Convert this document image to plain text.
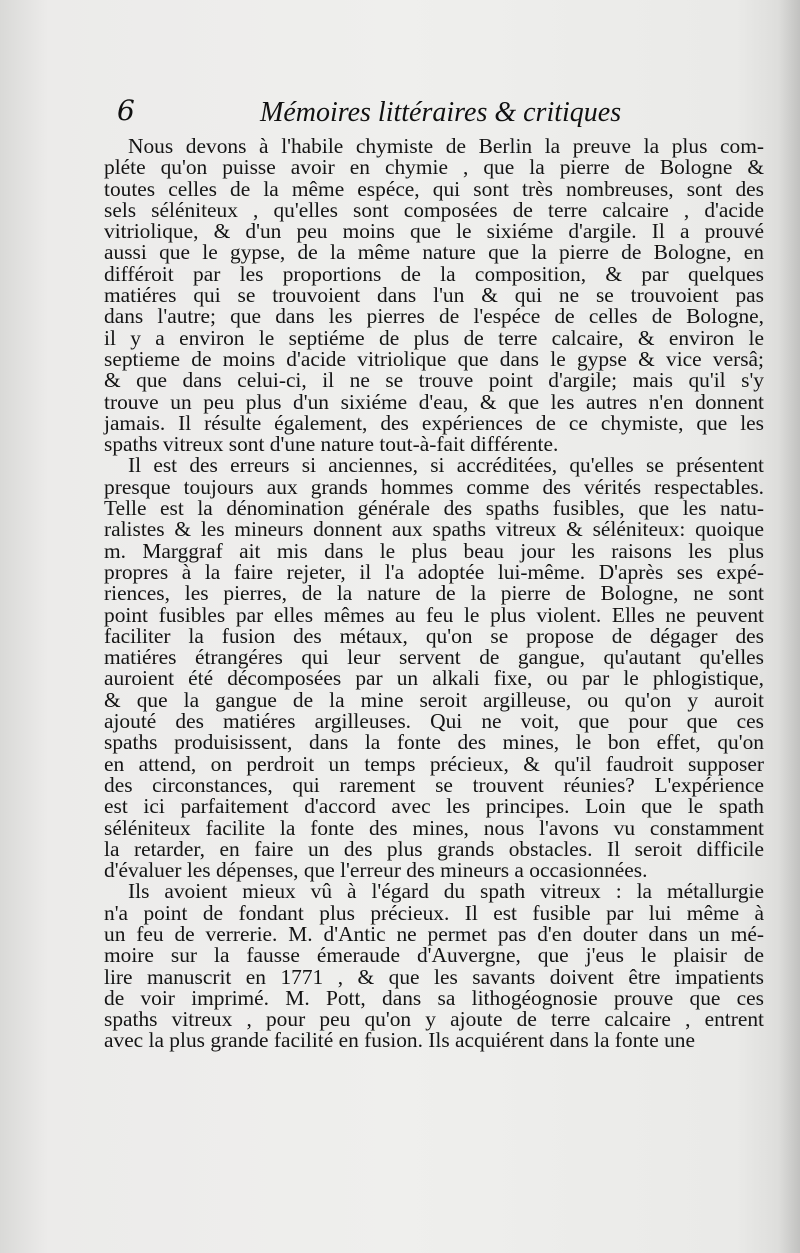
6	Mémoires littéraires & critiques
Nous devons à l'habile chymiste de Berlin la preuve la plus com-
pléte qu'on puisse avoir en chymie , que la pierre de Bologne &
toutes celles de la même espéce, qui sont très nombreuses, sont des
sels séléniteux , qu'elles sont composées de terre calcaire , d'acide
vitriolique, & d'un peu moins que le sixiéme d'argile. Il a prouvé
aussi que le gypse, de la même nature que la pierre de Bologne, en
différoit par les proportions de la composition, & par quelques
matiéres qui se trouvoient dans l'un & qui ne se trouvoient pas
dans l'autre; que dans les pierres de l'espéce de celles de Bologne,
il y a environ le septiéme de plus de terre calcaire, & environ le
septieme de moins d'acide vitriolique que dans le gypse & vice versâ;
& que dans celui-ci, il ne se trouve point d'argile; mais qu'il s'y
trouve un peu plus d'un sixiéme d'eau, & que les autres n'en donnent
jamais. Il résulte également, des expériences de ce chymiste, que les
spaths vitreux sont d'une nature tout-à-fait différente.
Il est des erreurs si anciennes, si accréditées, qu'elles se présentent
presque toujours aux grands hommes comme des vérités respectables.
Telle est la dénomination générale des spaths fusibles, que les natu-
ralistes & les mineurs donnent aux spaths vitreux & séléniteux: quoique
m. Marggraf ait mis dans le plus beau jour les raisons les plus
propres à la faire rejeter, il l'a adoptée lui-même. D'après ses expé-
riences, les pierres, de la nature de la pierre de Bologne, ne sont
point fusibles par elles mêmes au feu le plus violent. Elles ne peuvent
faciliter la fusion des métaux, qu'on se propose de dégager des
matiéres étrangéres qui leur servent de gangue, qu'autant qu'elles
auroient été décomposées par un alkali fixe, ou par le phlogistique,
& que la gangue de la mine seroit argilleuse, ou qu'on y auroit
ajouté des matiéres argilleuses. Qui ne voit, que pour que ces
spaths produisissent, dans la fonte des mines, le bon effet, qu'on
en attend, on perdroit un temps précieux, & qu'il faudroit supposer
des circonstances, qui rarement se trouvent réunies? L'expérience
est ici parfaitement d'accord avec les principes. Loin que le spath
séléniteux facilite la fonte des mines, nous l'avons vu constamment
la retarder, en faire un des plus grands obstacles. Il seroit difficile
d'évaluer les dépenses, que l'erreur des mineurs a occasionnées.
Ils avoient mieux vû à l'égard du spath vitreux : la métallurgie
n'a point de fondant plus précieux. Il est fusible par lui même à
un feu de verrerie. M. d'Antic ne permet pas d'en douter dans un mé-
moire sur la fausse émeraude d'Auvergne, que j'eus le plaisir de
lire manuscrit en 1771 , & que les savants doivent être impatients
de voir imprimé. M. Pott, dans sa lithogéognosie prouve que ces
spaths vitreux , pour peu qu'on y ajoute de terre calcaire , entrent
avec la plus grande facilité en fusion. Ils acquiérent dans la fonte une
